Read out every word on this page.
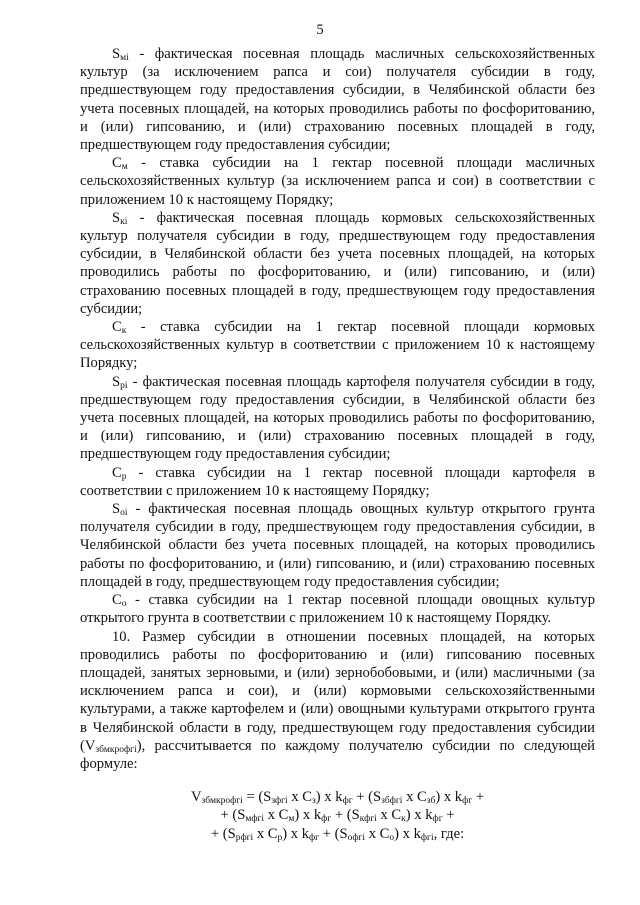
5

$S_{мi}$ - фактическая посевная площадь масличных сельскохозяйственных культур (за исключением рапса и сои) получателя субсидии в году, предшествующем году предоставления субсидии, в Челябинской области без учета посевных площадей, на которых проводились работы по фосфоритованию, и (или) гипсованию, и (или) страхованию посевных площадей в году, предшествующем году предоставления субсидии;

$С_м$ - ставка субсидии на 1 гектар посевной площади масличных сельскохозяйственных культур (за исключением рапса и сои) в соответствии с приложением 10 к настоящему Порядку;

$S_{кi}$ - фактическая посевная площадь кормовых сельскохозяйственных культур получателя субсидии в году, предшествующем году предоставления субсидии, в Челябинской области без учета посевных площадей, на которых проводились работы по фосфоритованию, и (или) гипсованию, и (или) страхованию посевных площадей в году, предшествующем году предоставления субсидии;

$С_к$ - ставка субсидии на 1 гектар посевной площади кормовых сельскохозяйственных культур в соответствии с приложением 10 к настоящему Порядку;

$S_{рi}$ - фактическая посевная площадь картофеля получателя субсидии в году, предшествующем году предоставления субсидии, в Челябинской области без учета посевных площадей, на которых проводились работы по фосфоритованию, и (или) гипсованию, и (или) страхованию посевных площадей в году, предшествующем году предоставления субсидии;

$С_р$ - ставка субсидии на 1 гектар посевной площади картофеля в соответствии с приложением 10 к настоящему Порядку;

$S_{оi}$ - фактическая посевная площадь овощных культур открытого грунта получателя субсидии в году, предшествующем году предоставления субсидии, в Челябинской области без учета посевных площадей, на которых проводились работы по фосфоритованию, и (или) гипсованию, и (или) страхованию посевных площадей в году, предшествующем году предоставления субсидии;

$С_о$ - ставка субсидии на 1 гектар посевной площади овощных культур открытого грунта в соответствии с приложением 10 к настоящему Порядку.

10. Размер субсидии в отношении посевных площадей, на которых проводились работы по фосфоритованию и (или) гипсованию посевных площадей, занятых зерновыми, и (или) зернобобовыми, и (или) масличными (за исключением рапса и сои), и (или) кормовыми сельскохозяйственными культурами, а также картофелем и (или) овощными культурами открытого грунта в Челябинской области в году, предшествующем году предоставления субсидии $(V_{збмкрофгi})$, рассчитывается по каждому получателю субсидии по следующей формуле:

$V_{збмкрофгi} = (S_{зфгi}$ x $C_з$) x $k_{фг} + (S_{збфгi}$ x $C_{зб}$) x $k_{фг}$ +
+ ($S_{мфгi}$ x $C_м$) x $k_{фг} + (S_{кфгi}$ x $C_к$) x $k_{фг}$ +
+ ($S_{рфгi}$ x $C_р$) x $k_{фг} + (S_{офгi}$ x $C_о$) x $k_{фгi}$, где:
